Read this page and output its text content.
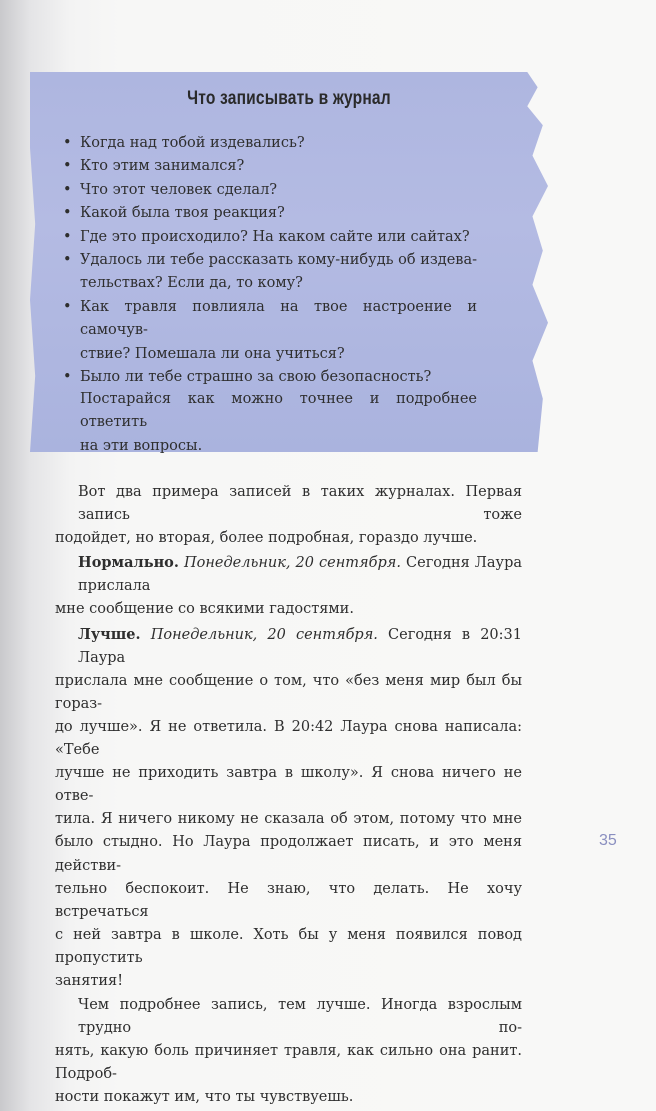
Что записывать в журнал
• Когда над тобой издевались?
• Кто этим занимался?
• Что этот человек сделал?
• Какой была твоя реакция?
• Где это происходило? На каком сайте или сайтах?
• Удалось ли тебе рассказать кому-нибудь об издева-
тельствах? Если да, то кому?
• Как травля повлияла на твое настроение и самочув-
ствие? Помешала ли она учиться?
• Было ли тебе страшно за свою безопасность?
Постарайся как можно точнее и подробнее ответить
на эти вопросы.

Вот два примера записей в таких журналах. Первая запись тоже
подойдет, но вторая, более подробная, гораздо лучше.

Нормально. Понедельник, 20 сентября. Сегодня Лаура прислала
мне сообщение со всякими гадостями.

Лучше. Понедельник, 20 сентября. Сегодня в 20:31 Лаура
прислала мне сообщение о том, что «без меня мир был бы гораз-
до лучше». Я не ответила. В 20:42 Лаура снова написала: «Тебе
лучше не приходить завтра в школу». Я снова ничего не отве-
тила. Я ничего никому не сказала об этом, потому что мне
было стыдно. Но Лаура продолжает писать, и это меня действи-
тельно беспокоит. Не знаю, что делать. Не хочу встречаться
с ней завтра в школе. Хоть бы у меня появился повод пропустить
занятия!

Чем подробнее запись, тем лучше. Иногда взрослым трудно по-
нять, какую боль причиняет травля, как сильно она ранит. Подроб-
ности покажут им, что ты чувствуешь.

35
